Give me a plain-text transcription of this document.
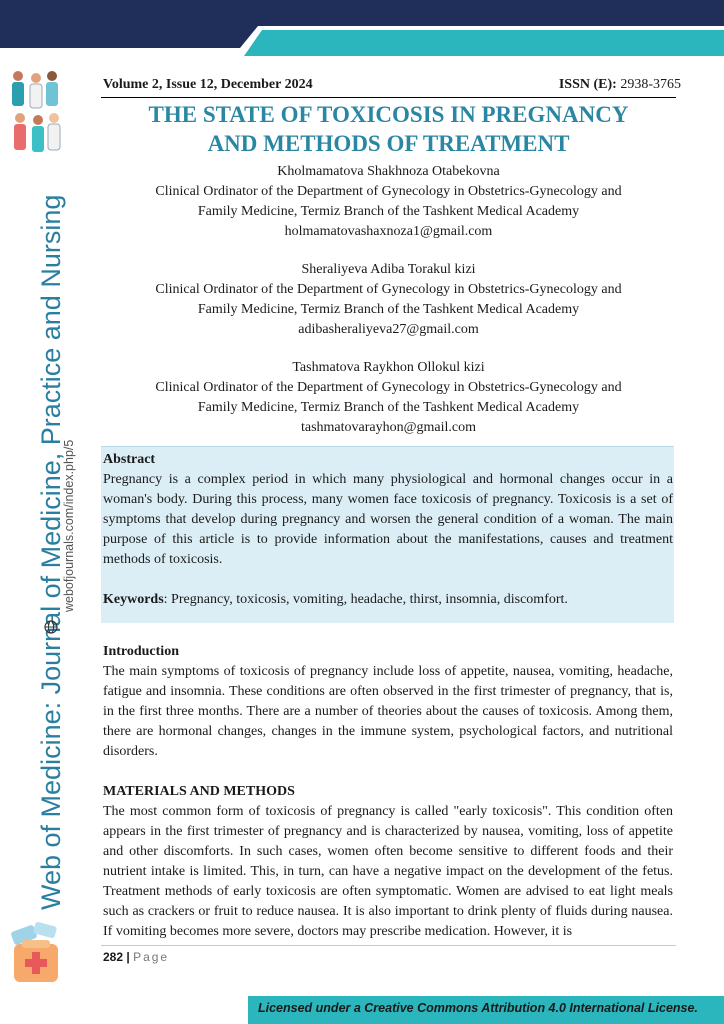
Web of Medicine: Journal of Medicine, Practice and Nursing
webofjournals.com/index.php/5
Volume 2, Issue 12, December 2024	ISSN (E): 2938-3765
THE STATE OF TOXICOSIS IN PREGNANCY
AND METHODS OF TREATMENT

Kholmamatova Shakhnoza Otabekovna
Clinical Ordinator of the Department of Gynecology in Obstetrics-Gynecology and
Family Medicine, Termiz Branch of the Tashkent Medical Academy
holmamatovashaxnoza1@gmail.com

Sheraliyeva Adiba Torakul kizi
Clinical Ordinator of the Department of Gynecology in Obstetrics-Gynecology and
Family Medicine, Termiz Branch of the Tashkent Medical Academy
adibasheraliyeva27@gmail.com

Tashmatova Raykhon Ollokul kizi
Clinical Ordinator of the Department of Gynecology in Obstetrics-Gynecology and
Family Medicine, Termiz Branch of the Tashkent Medical Academy
tashmatovarayhon@gmail.com

Abstract

Pregnancy is a complex period in which many physiological and hormonal changes occur in a woman's body. During this process, many women face toxicosis of pregnancy. Toxicosis is a set of symptoms that develop during pregnancy and worsen the general condition of a woman. The main purpose of this article is to provide information about the manifestations, causes and treatment methods of toxicosis.

Keywords: Pregnancy, toxicosis, vomiting, headache, thirst, insomnia, discomfort.

Introduction

The main symptoms of toxicosis of pregnancy include loss of appetite, nausea, vomiting, headache, fatigue and insomnia. These conditions are often observed in the first trimester of pregnancy, that is, in the first three months. There are a number of theories about the causes of toxicosis. Among them, there are hormonal changes, changes in the immune system, psychological factors, and nutritional disorders.

MATERIALS AND METHODS

The most common form of toxicosis of pregnancy is called "early toxicosis". This condition often appears in the first trimester of pregnancy and is characterized by nausea, vomiting, loss of appetite and other discomforts. In such cases, women often become sensitive to different foods and their nutrient intake is limited. This, in turn, can have a negative impact on the development of the fetus. Treatment methods of early toxicosis are often symptomatic. Women are advised to eat light meals such as crackers or fruit to reduce nausea. It is also important to drink plenty of fluids during nausea. If vomiting becomes more severe, doctors may prescribe medication. However, it is

282 | Page
Licensed under a Creative Commons Attribution 4.0 International License.
